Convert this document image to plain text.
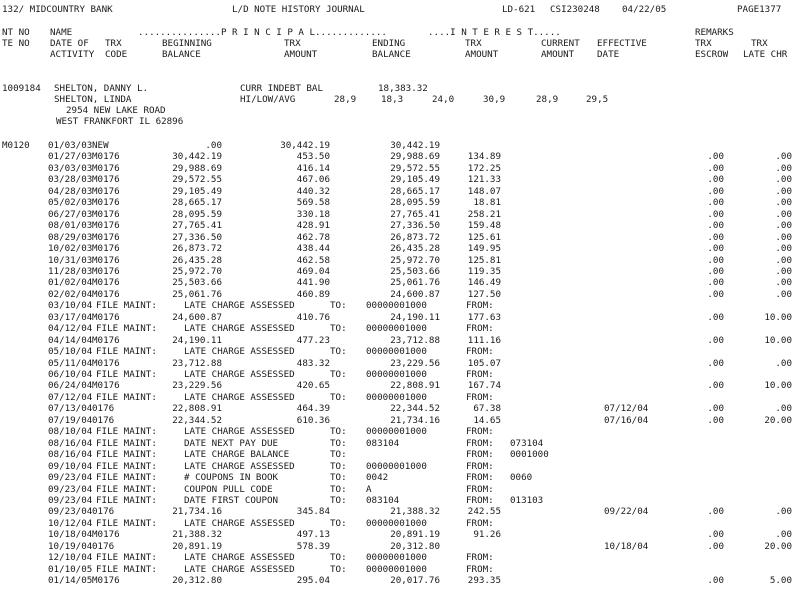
132/ MIDCOUNTRY BANK	L/D NOTE HISTORY JOURNAL	LD-621 CSI230248 04/22/05	PAGE1377
NT NO NAME	...............P R I N C I P A L.............	....I N T E R E S T.....	REMARKS
TE NO DATE OF TRX	BEGINNING	TRX	ENDING	TRX	CURRENT EFFECTIVE	TRX	TRX
ACTIVITY CODE	BALANCE	AMOUNT	BALANCE	AMOUNT	AMOUNT DATE	ESCROW LATE CHR
1009184 SHELTON, DANNY L.
SHELTON, LINDA
2954 NEW LAKE ROAD
WEST FRANKFORT IL 62896
CURR INDEBT BAL	18,383.32
HI/LOW/AVG	28,9	18,3	24,0	30,9	28,9	29,5
M0120 01/03/03 NEW	.00	30,442.19	30,442.19
01/27/03 M0176	30,442.19	453.50	29,988.69	134.89	.00	.00
03/03/03 M0176	29,988.69	416.14	29,572.55	172.25	.00	.00
03/28/03 M0176	29,572.55	467.06	29,105.49	121.33	.00	.00
04/28/03 M0176	29,105.49	440.32	28,665.17	148.07	.00	.00
05/02/03 M0176	28,665.17	569.58	28,095.59	18.81	.00	.00
06/27/03 M0176	28,095.59	330.18	27,765.41	258.21	.00	.00
08/01/03 M0176	27,765.41	428.91	27,336.50	159.48	.00	.00
08/29/03 M0176	27,336.50	462.78	26,873.72	125.61	.00	.00
10/02/03 M0176	26,873.72	438.44	26,435.28	149.95	.00	.00
10/31/03 M0176	26,435.28	462.58	25,972.70	125.81	.00	.00
11/28/03 M0176	25,972.70	469.04	25,503.66	119.35	.00	.00
01/02/04 M0176	25,503.66	441.90	25,061.76	146.49	.00	.00
02/02/04 M0176	25,061.76	460.89	24,600.87	127.50	.00	.00
03/10/04 FILE MAINT:	LATE CHARGE ASSESSED	TO: 00000001000	FROM:
03/17/04 M0176	24,600.87	410.76	24,190.11	177.63	.00	10.00
04/12/04 FILE MAINT:	LATE CHARGE ASSESSED	TO: 00000001000	FROM:
04/14/04 M0176	24,190.11	477.23	23,712.88	111.16	.00	10.00
05/10/04 FILE MAINT:	LATE CHARGE ASSESSED	TO: 00000001000	FROM:
05/11/04 M0176	23,712.88	483.32	23,229.56	105.07	.00	.00
06/10/04 FILE MAINT:	LATE CHARGE ASSESSED	TO: 00000001000	FROM:
06/24/04 M0176	23,229.56	420.65	22,808.91	167.74	.00	10.00
07/12/04 FILE MAINT:	LATE CHARGE ASSESSED	TO: 00000001000	FROM:
07/13/04 0176	22,808.91	464.39	22,344.52	67.38	07/12/04	.00	.00
07/19/04 0176	22,344.52	610.36	21,734.16	14.65	07/16/04	.00	20.00
08/10/04 FILE MAINT:	LATE CHARGE ASSESSED	TO: 00000001000	FROM:
08/16/04 FILE MAINT:	DATE NEXT PAY DUE	TO: 083104	FROM: 073104
08/16/04 FILE MAINT:	LATE CHARGE BALANCE	TO:	FROM: 0001000
09/10/04 FILE MAINT:	LATE CHARGE ASSESSED	TO: 00000001000	FROM:
09/23/04 FILE MAINT:	# COUPONS IN BOOK	TO: 0042	FROM: 0060
09/23/04 FILE MAINT:	COUPON PULL CODE	TO: A	FROM:
09/23/04 FILE MAINT:	DATE FIRST COUPON	TO: 083104	FROM: 013103
09/23/04 0176	21,734.16	345.84	21,388.32	242.55	09/22/04	.00	.00
10/12/04 FILE MAINT:	LATE CHARGE ASSESSED	TO: 00000001000	FROM:
10/18/04 M0176	21,388.32	497.13	20,891.19	91.26	.00	.00
10/19/04 0176	20,891.19	578.39	20,312.80	10/18/04	.00	20.00
12/10/04 FILE MAINT:	LATE CHARGE ASSESSED	TO: 00000001000	FROM:
01/10/05 FILE MAINT:	LATE CHARGE ASSESSED	TO: 00000001000	FROM:
01/14/05 M0176	20,312.80	295.04	20,017.76	293.35	.00	5.00
